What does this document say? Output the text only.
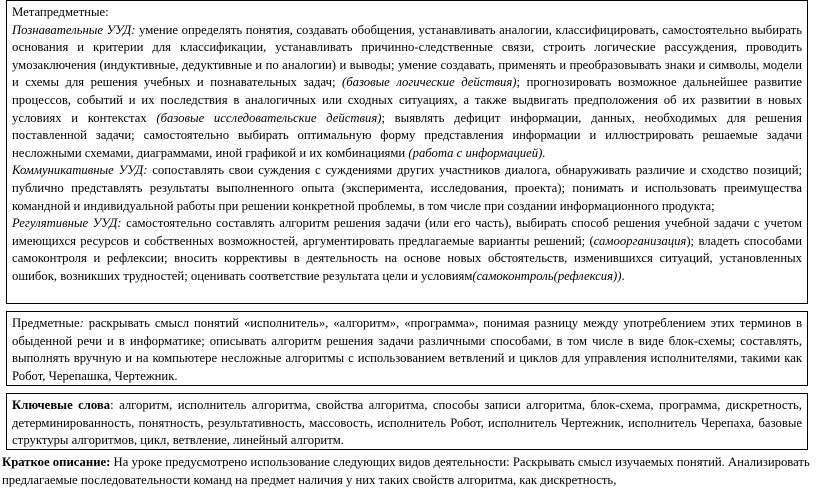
Метапредметные:

Познавательные УУД: умение определять понятия, создавать обобщения, устанавливать аналогии, классифицировать, самостоятельно выбирать основания и критерии для классификации, устанавливать причинно-следственные связи, строить логические рассуждения, проводить умозаключения (индуктивные, дедуктивные и по аналогии) и выводы; умение создавать, применять и преобразовывать знаки и символы, модели и схемы для решения учебных и познавательных задач; (базовые логические действия); прогнозировать возможное дальнейшее развитие процессов, событий и их последствия в аналогичных или сходных ситуациях, а также выдвигать предположения об их развитии в новых условиях и контекстах (базовые исследовательские действия); выявлять дефицит информации, данных, необходимых для решения поставленной задачи; самостоятельно выбирать оптимальную форму представления информации и иллюстрировать решаемые задачи несложными схемами, диаграммами, иной графикой и их комбинациями (работа с информацией).

Коммуникативные УУД: сопоставлять свои суждения с суждениями других участников диалога, обнаруживать различие и сходство позиций; публично представлять результаты выполненного опыта (эксперимента, исследования, проекта); понимать и использовать преимущества командной и индивидуальной работы при решении конкретной проблемы, в том числе при создании информационного продукта;

Регулятивные УУД: самостоятельно составлять алгоритм решения задачи (или его часть), выбирать способ решения учебной задачи с учетом имеющихся ресурсов и собственных возможностей, аргументировать предлагаемые варианты решений; (самоорганизация); владеть способами самоконтроля и рефлексии; вносить коррективы в деятельность на основе новых обстоятельств, изменившихся ситуаций, установленных ошибок, возникших трудностей; оценивать соответствие результата цели и условиям(самоконтроль(рефлексия)).

Предметные: раскрывать смысл понятий «исполнитель», «алгоритм», «программа», понимая разницу между употреблением этих терминов в обыденной речи и в информатике; описывать алгоритм решения задачи различными способами, в том числе в виде блок-схемы; составлять, выполнять вручную и на компьютере несложные алгоритмы с использованием ветвлений и циклов для управления исполнителями, такими как Робот, Черепашка, Чертежник.

Ключевые слова: алгоритм, исполнитель алгоритма, свойства алгоритма, способы записи алгоритма, блок-схема, программа, дискретность, детерминированность, понятность, результативность, массовость, исполнитель Робот, исполнитель Чертежник, исполнитель Черепаха, базовые структуры алгоритмов, цикл, ветвление, линейный алгоритм.

Краткое описание: На уроке предусмотрено использование следующих видов деятельности: Раскрывать смысл изучаемых понятий. Анализировать предлагаемые последовательности команд на предмет наличия у них таких свойств алгоритма, как дискретность,
